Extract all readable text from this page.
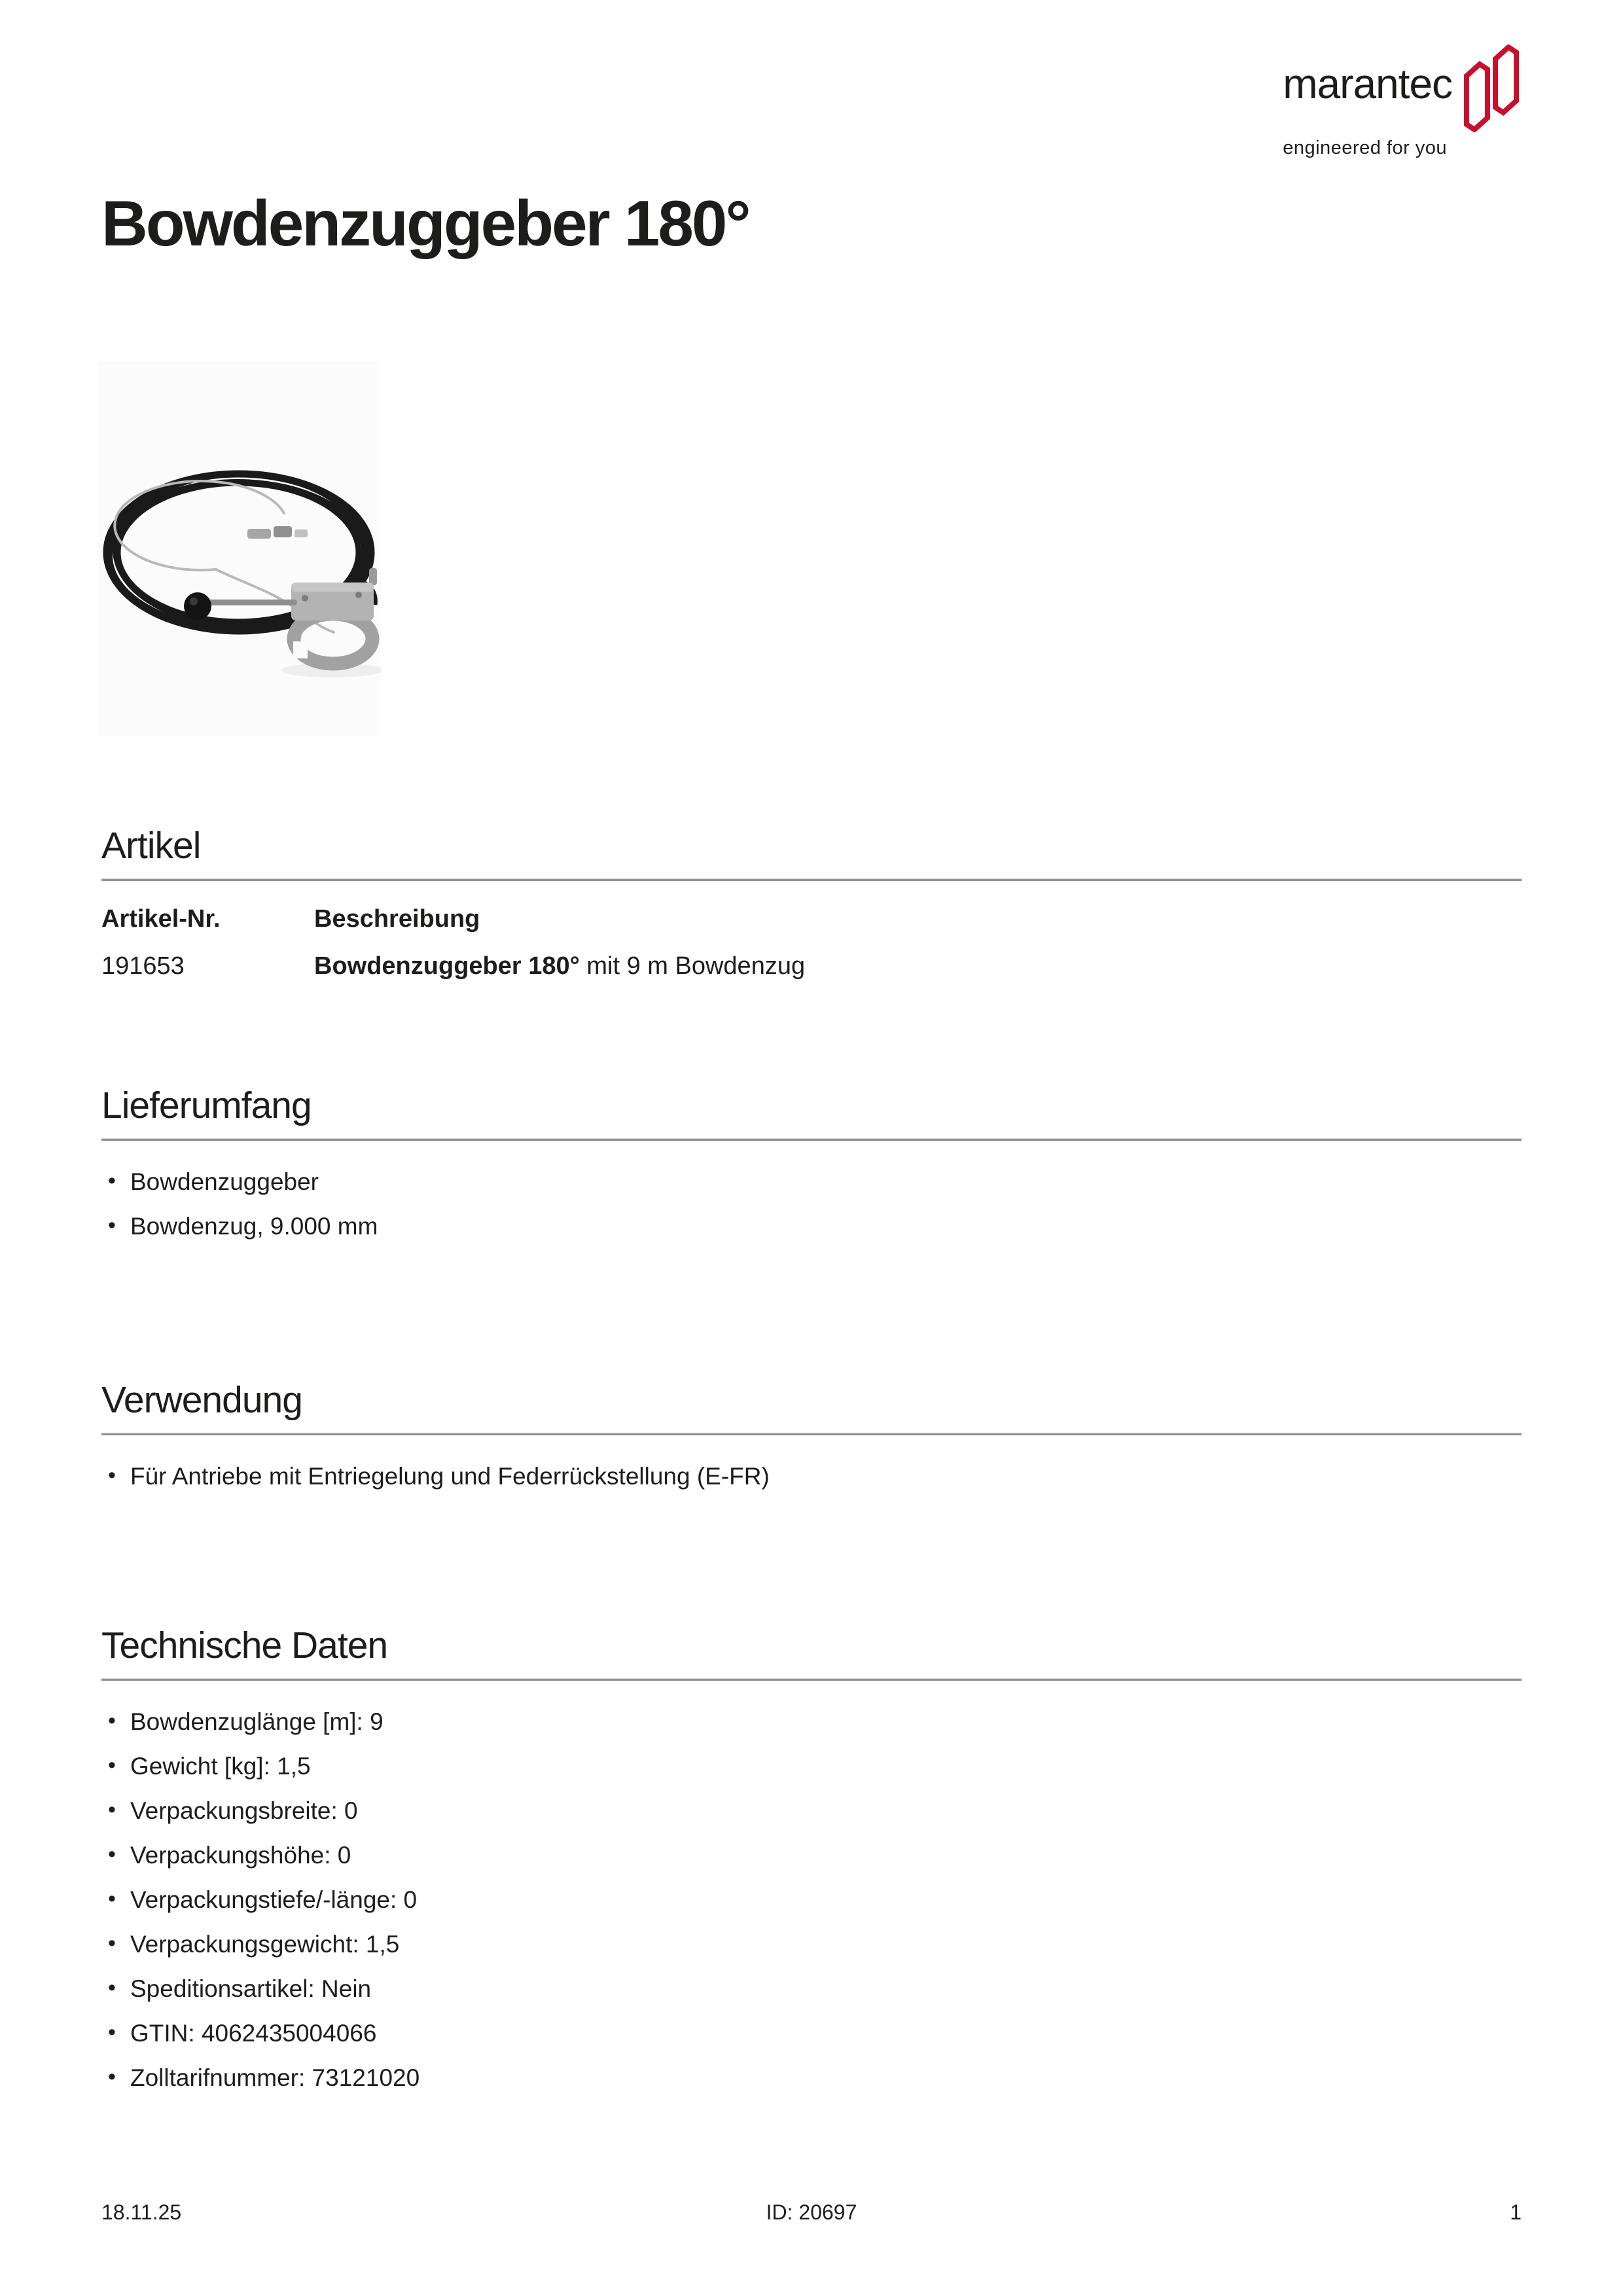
marantec
engineered for you
Bowdenzuggeber 180°
Artikel
Artikel-Nr.	Beschreibung
191653	Bowdenzuggeber 180° mit 9 m Bowdenzug
Lieferumfang
• Bowdenzuggeber
• Bowdenzug, 9.000 mm
Verwendung
• Für Antriebe mit Entriegelung und Federrückstellung (E-FR)
Technische Daten
• Bowdenzuglänge [m]: 9
• Gewicht [kg]: 1,5
• Verpackungsbreite: 0
• Verpackungshöhe: 0
• Verpackungstiefe/-länge: 0
• Verpackungsgewicht: 1,5
• Speditionsartikel: Nein
• GTIN: 4062435004066
• Zolltarifnummer: 73121020
18.11.25	ID: 20697	1
